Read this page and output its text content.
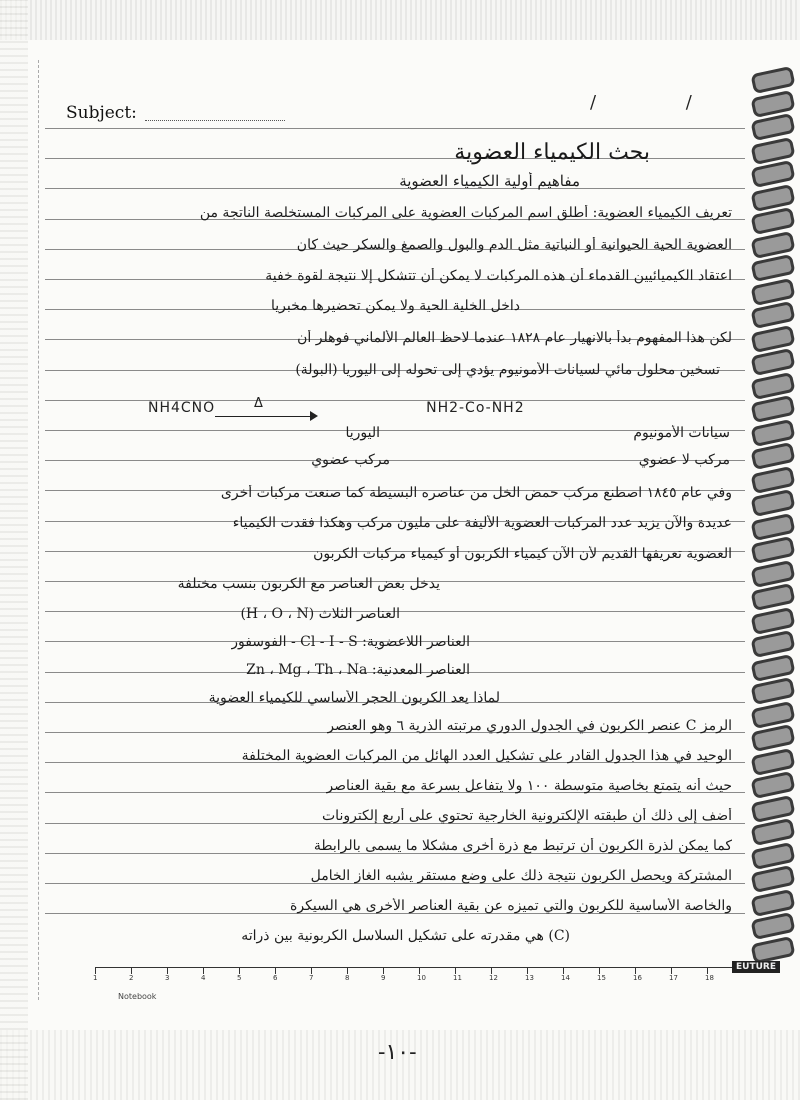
Subject:	/ /
بحث الكيمياء العضوية
مفاهيم أولية الكيمياء العضوية
تعريف الكيمياء العضوية: أطلق اسم المركبات العضوية على المركبات المستخلصة الناتجة من
العضوية الحية الحيوانية أو النباتية مثل الدم والبول والصمغ والسكر حيث كان
اعتقاد الكيميائيين القدماء أن هذه المركبات لا يمكن أن تتشكل إلا نتيجة لقوة خفية
داخل الخلية الحية ولا يمكن تحضيرها مخبريا
لكن هذا المفهوم بدأ بالانهيار عام ١٨٢٨ عندما لاحظ العالم الألماني فوهلر أن
تسخين محلول مائي لسيانات الأمونيوم يؤدي إلى تحوله إلى اليوريا (البولة)
NH4CNO	NH2-Co-NH2
Δ
اليوريا	سيانات الأمونيوم
مركب عضوي	مركب لا عضوي
وفي عام ١٨٤٥ اصطنع مركب حمض الخل من عناصره البسيطة كما صنعت مركبات أخرى
عديدة والآن يزيد عدد المركبات العضوية الأليفة على مليون مركب وهكذا فقدت الكيمياء
العضوية تعريفها القديم لأن الآن كيمياء الكربون أو كيمياء مركبات الكربون
يدخل بعض العناصر مع الكربون بنسب مختلفة
العناصر الثلاث (H ، O ، N)
العناصر اللاعضوية: Cl - I - S - الفوسفور
العناصر المعدنية: Zn ، Mg ، Th ، Na
لماذا يعد الكربون الحجر الأساسي للكيمياء العضوية
الرمز C عنصر الكربون في الجدول الدوري مرتبته الذرية ٦ وهو العنصر
الوحيد في هذا الجدول القادر على تشكيل العدد الهائل من المركبات العضوية المختلفة
حيث أنه يتمتع بخاصية متوسطة ١٠٠ ولا يتفاعل بسرعة مع بقية العناصر
أضف إلى ذلك أن طبقته الإلكترونية الخارجية تحتوي على أربع إلكترونات
كما يمكن لذرة الكربون أن ترتبط مع ذرة أخرى مشكلا ما يسمى بالرابطة
المشتركة ويحصل الكربون نتيجة ذلك على وضع مستقر يشبه الغاز الخامل
والخاصة الأساسية للكربون والتي تميزه عن بقية العناصر الأخرى هي السيكرة
(C) هي مقدرته على تشكيل السلاسل الكربونية بين ذراته
1	2	3	4	5	6	7	8	9	10	11	12	13	14	15	16	17	18
EUTURE
Notebook
-١٠-
